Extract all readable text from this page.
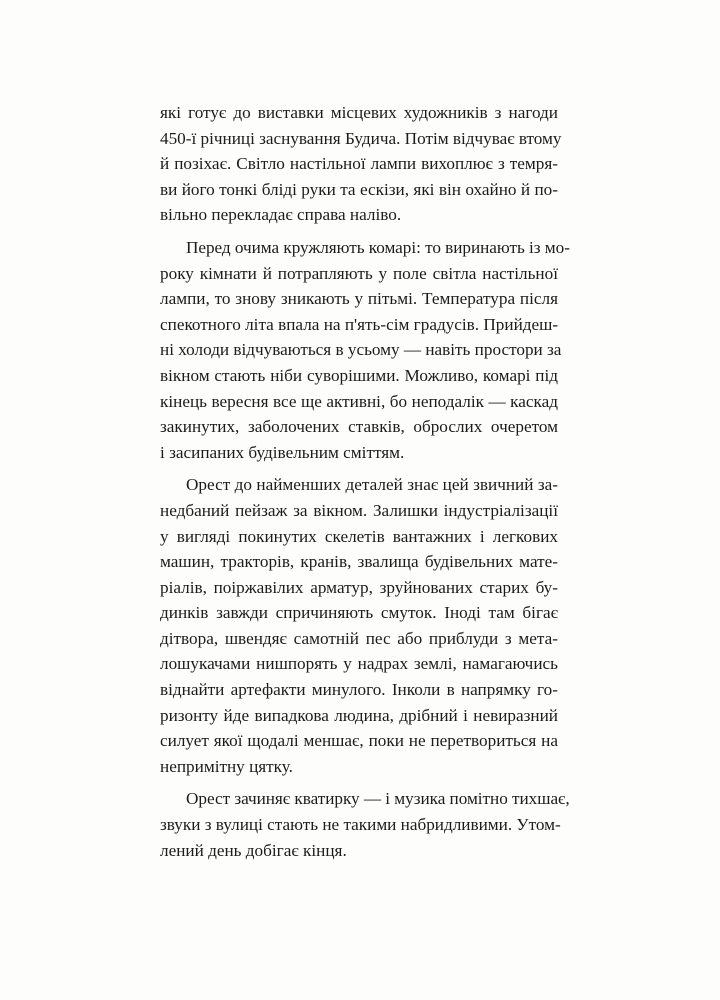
які готує до виставки місцевих художників з нагоди
450-ї річниці заснування Будича. Потім відчуває втому
й позіхає. Світло настільної лампи вихоплює з темря-
ви його тонкі бліді руки та ескізи, які він охайно й по-
вільно перекладає справа наліво.

Перед очима кружляють комарі: то виринають із мо-
року кімнати й потрапляють у поле світла настільної
лампи, то знову зникають у пітьмі. Температура після
спекотного літа впала на п'ять-сім градусів. Прийдеш-
ні холоди відчуваються в усьому — навіть простори за
вікном стають ніби суворішими. Можливо, комарі під
кінець вересня все ще активні, бо неподалік — каскад
закинутих, заболочених ставків, оброслих очеретом
і засипаних будівельним сміттям.

Орест до найменших деталей знає цей звичний за-
недбаний пейзаж за вікном. Залишки індустріалізації
у вигляді покинутих скелетів вантажних і легкових
машин, тракторів, кранів, звалища будівельних мате-
ріалів, поіржавілих арматур, зруйнованих старих бу-
динків завжди спричиняють смуток. Іноді там бігає
дітвора, швендяє самотній пес або приблуди з мета-
лошукачами нишпорять у надрах землі, намагаючись
віднайти артефакти минулого. Інколи в напрямку го-
ризонту йде випадкова людина, дрібний і невиразний
силует якої щодалі меншає, поки не перетвориться на
непримітну цятку.

Орест зачиняє кватирку — і музика помітно тихшає,
звуки з вулиці стають не такими набридливими. Утом-
лений день добігає кінця.
